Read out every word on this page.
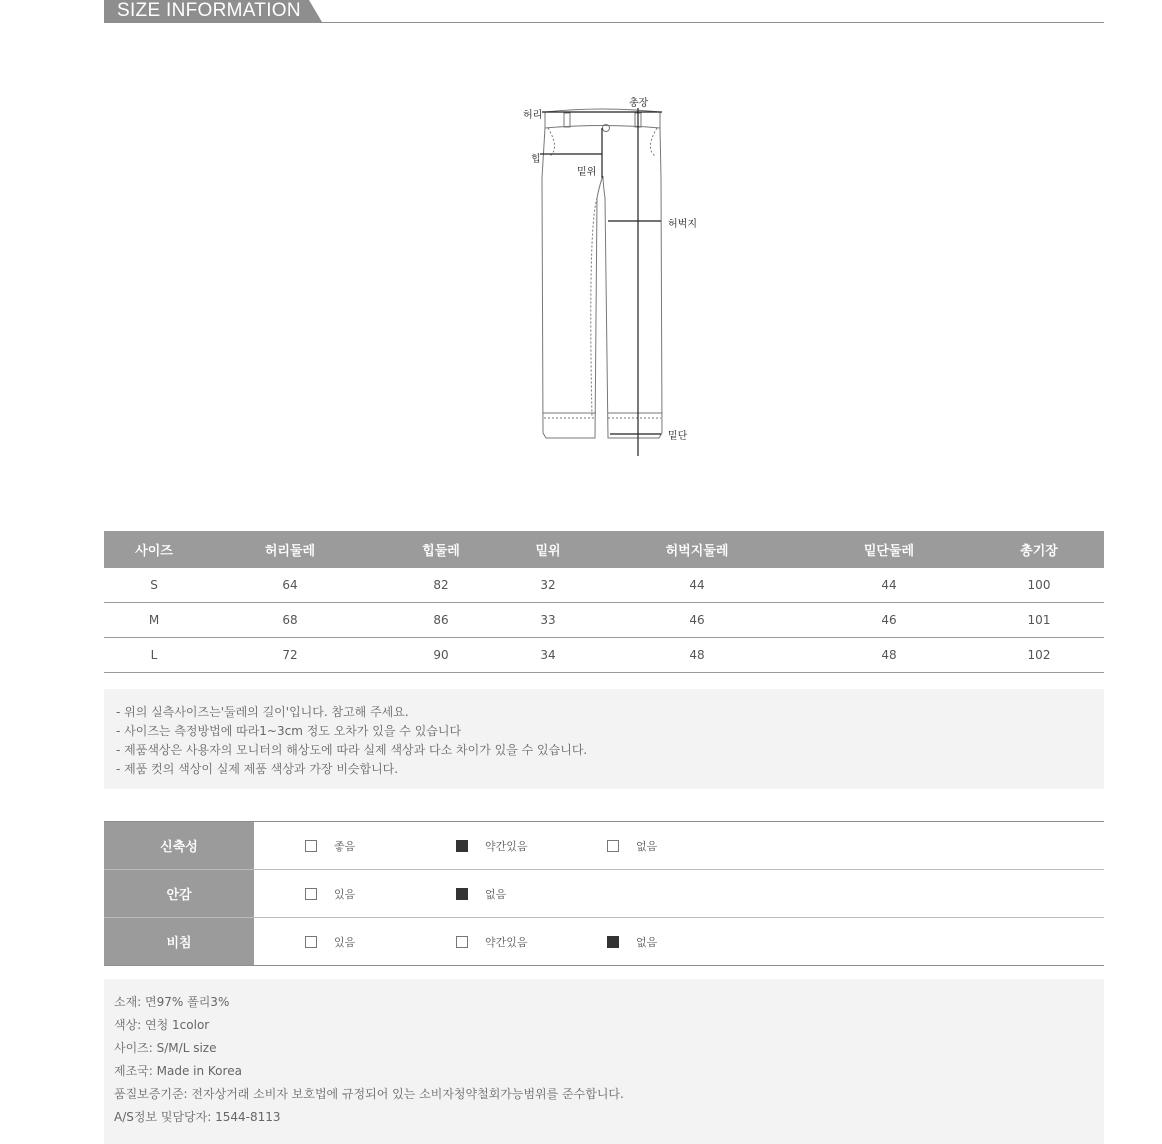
SIZE INFORMATION
허리
총장
힙
밑위
허벅지
밑단
사이즈	허리둘레	힙둘레	밑위	허벅지둘레	밑단둘레	총기장
S	64	82	32	44	44	100
M	68	86	33	46	46	101
L	72	90	34	48	48	102
- 위의 실측사이즈는'둘레의 길이'입니다. 참고해 주세요.
- 사이즈는 측정방법에 따라1~3cm 정도 오차가 있을 수 있습니다
- 제품색상은 사용자의 모니터의 해상도에 따라 실제 색상과 다소 차이가 있을 수 있습니다.
- 제품 컷의 색상이 실제 제품 색상과 가장 비슷합니다.
신축성	좋음	약간있음	없음
안감	있음	없음
비침	있음	약간있음	없음
소재: 면97% 폴리3%
색상: 연청 1color
사이즈: S/M/L size
제조국: Made in Korea
품질보증기준: 전자상거래 소비자 보호법에 규정되어 있는 소비자청약철회가능범위를 준수합니다.
A/S정보 및담당자: 1544-8113
